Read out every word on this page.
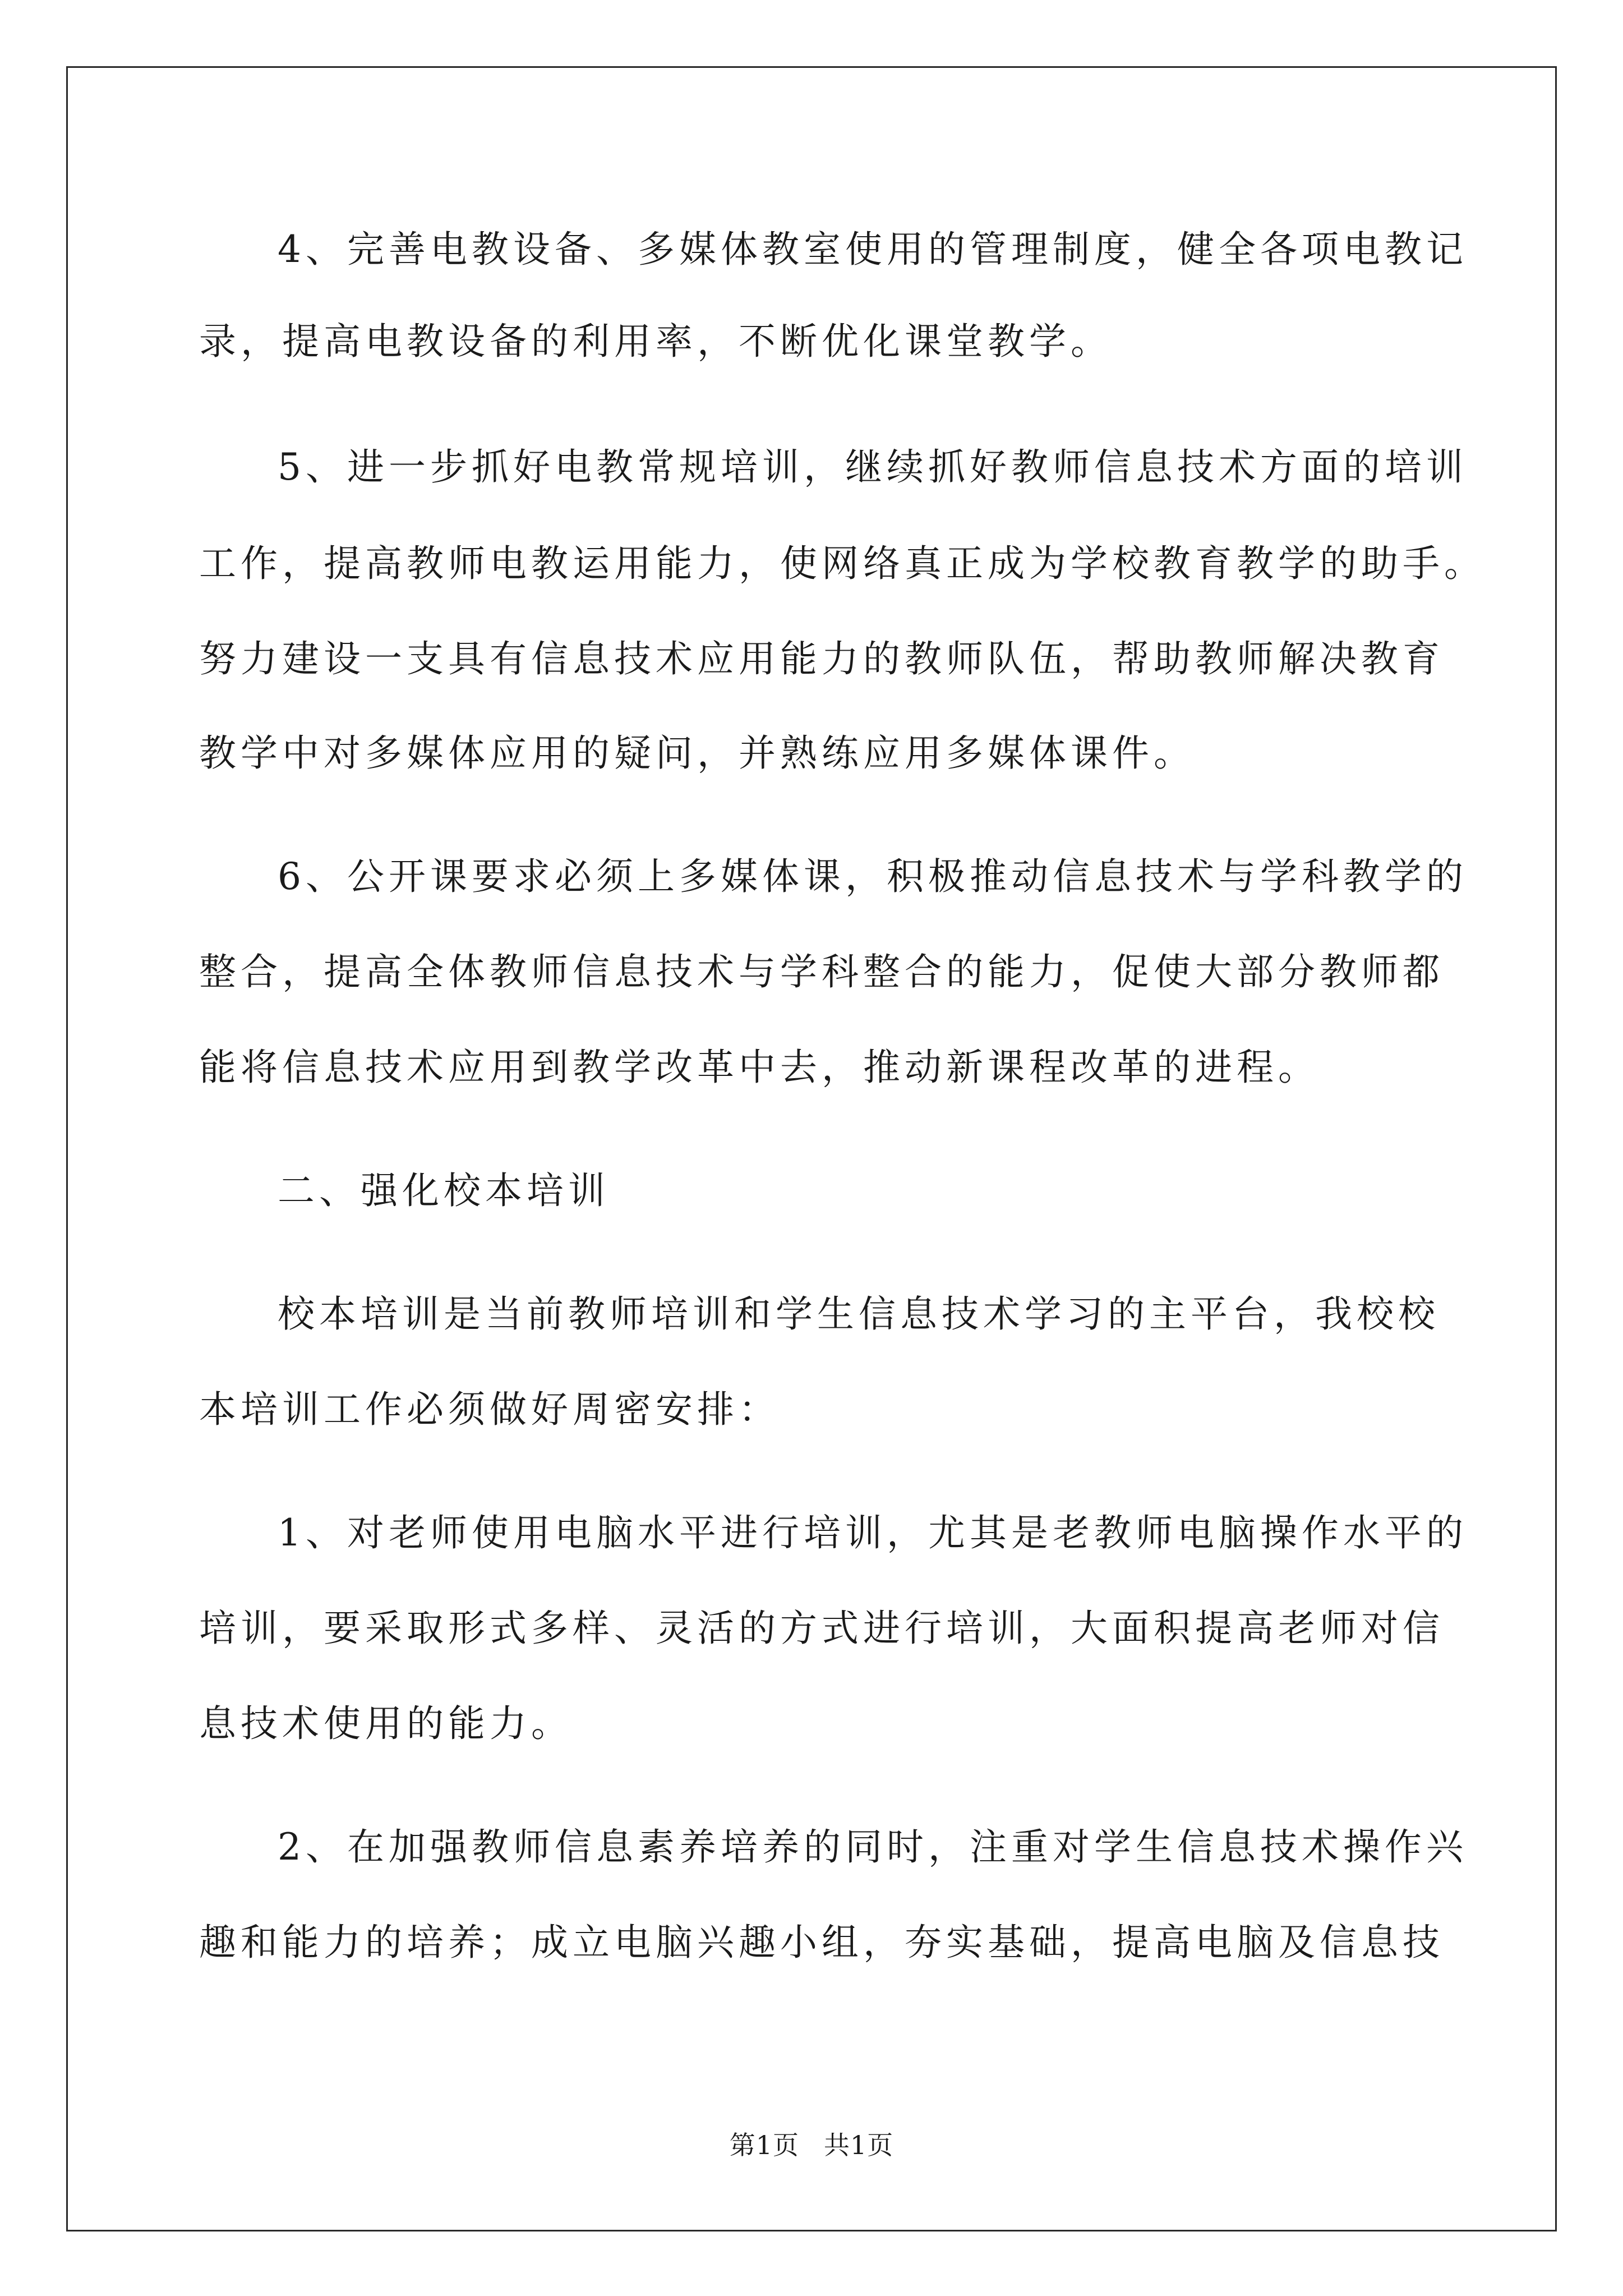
4、完善电教设备、多媒体教室使用的管理制度，健全各项电教记
录，提高电教设备的利用率，不断优化课堂教学。
5、进一步抓好电教常规培训，继续抓好教师信息技术方面的培训
工作，提高教师电教运用能力，使网络真正成为学校教育教学的助手。
努力建设一支具有信息技术应用能力的教师队伍，帮助教师解决教育
教学中对多媒体应用的疑问，并熟练应用多媒体课件。
6、公开课要求必须上多媒体课，积极推动信息技术与学科教学的
整合，提高全体教师信息技术与学科整合的能力，促使大部分教师都
能将信息技术应用到教学改革中去，推动新课程改革的进程。
二、强化校本培训
校本培训是当前教师培训和学生信息技术学习的主平台，我校校
本培训工作必须做好周密安排：
1、对老师使用电脑水平进行培训，尤其是老教师电脑操作水平的
培训，要采取形式多样、灵活的方式进行培训，大面积提高老师对信
息技术使用的能力。
2、在加强教师信息素养培养的同时，注重对学生信息技术操作兴
趣和能力的培养；成立电脑兴趣小组，夯实基础，提高电脑及信息技
第1页 共1页
